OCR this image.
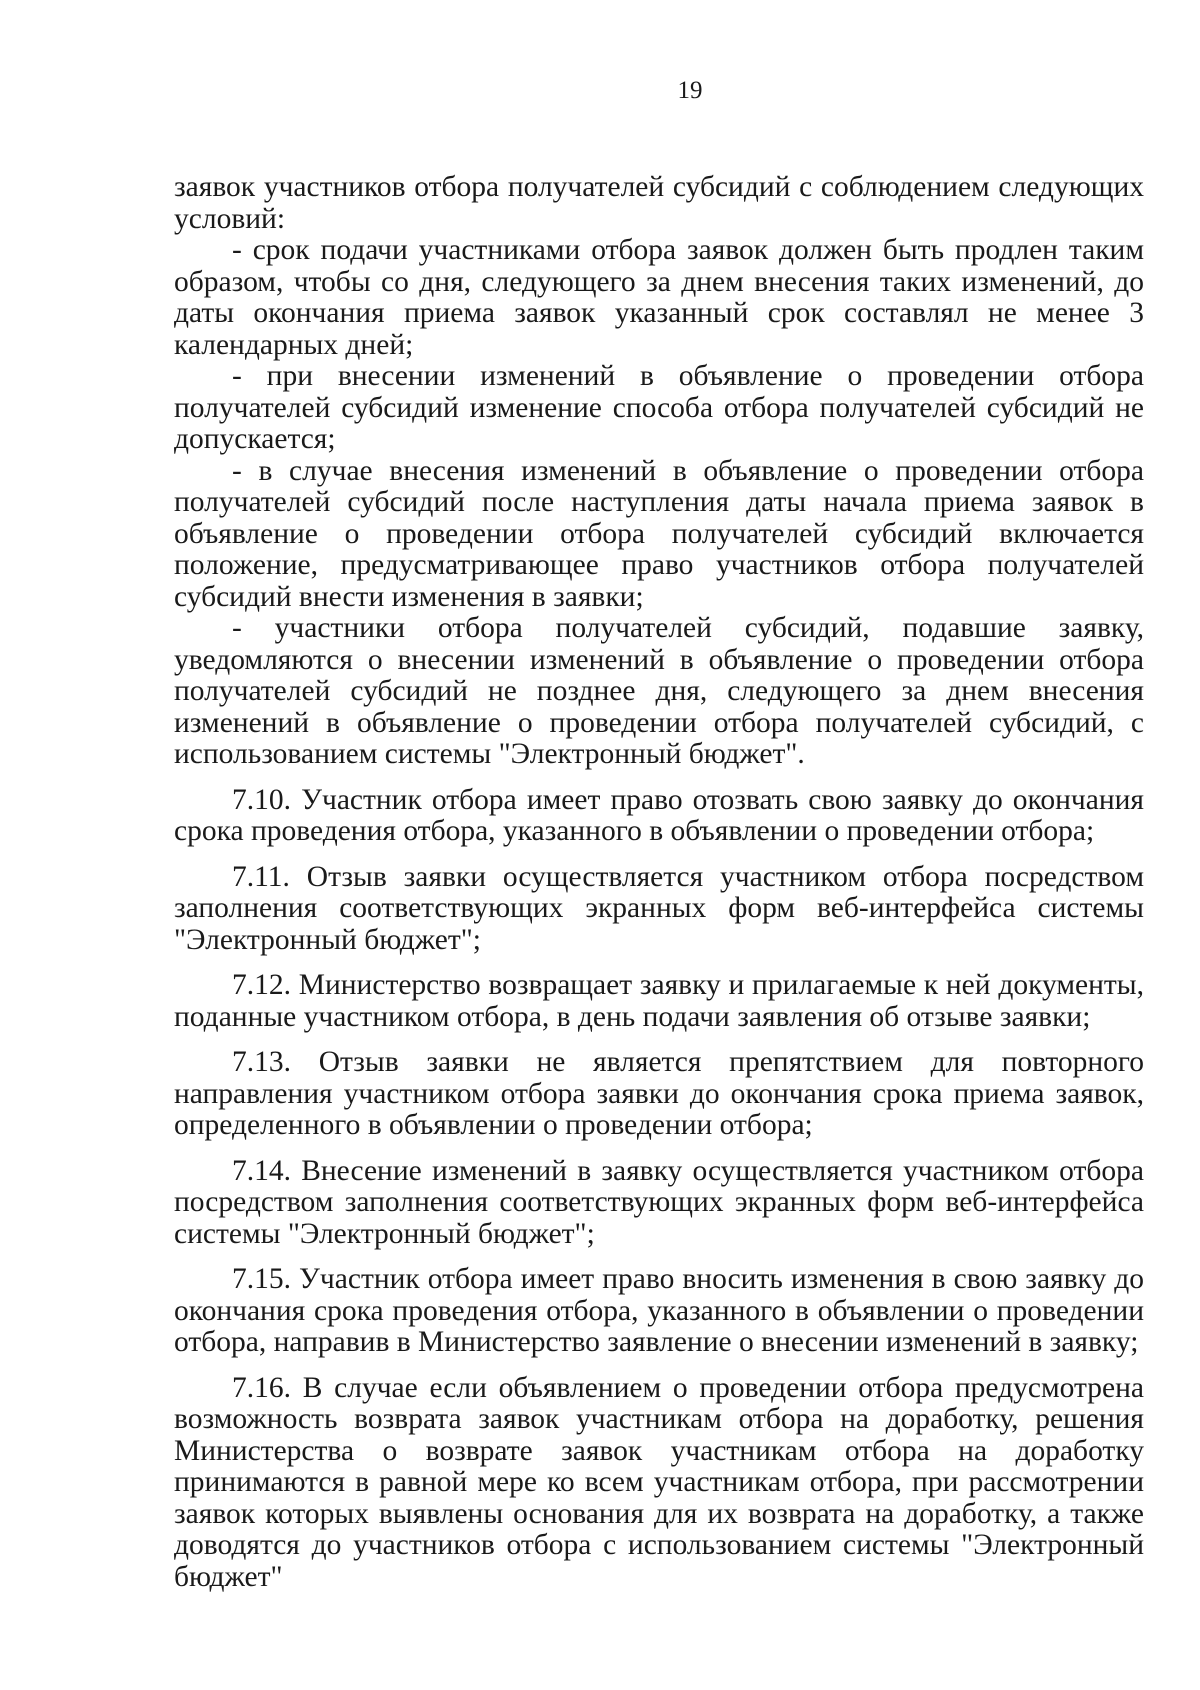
19

заявок участников отбора получателей субсидий с соблюдением следующих условий:

- срок подачи участниками отбора заявок должен быть продлен таким образом, чтобы со дня, следующего за днем внесения таких изменений, до даты окончания приема заявок указанный срок составлял не менее 3 календарных дней;

- при внесении изменений в объявление о проведении отбора получателей субсидий изменение способа отбора получателей субсидий не допускается;

- в случае внесения изменений в объявление о проведении отбора получателей субсидий после наступления даты начала приема заявок в объявление о проведении отбора получателей субсидий включается положение, предусматривающее право участников отбора получателей субсидий внести изменения в заявки;

- участники отбора получателей субсидий, подавшие заявку, уведомляются о внесении изменений в объявление о проведении отбора получателей субсидий не позднее дня, следующего за днем внесения изменений в объявление о проведении отбора получателей субсидий, с использованием системы "Электронный бюджет".

7.10. Участник отбора имеет право отозвать свою заявку до окончания срока проведения отбора, указанного в объявлении о проведении отбора;

7.11. Отзыв заявки осуществляется участником отбора посредством заполнения соответствующих экранных форм веб-интерфейса системы "Электронный бюджет";

7.12. Министерство возвращает заявку и прилагаемые к ней документы, поданные участником отбора, в день подачи заявления об отзыве заявки;

7.13. Отзыв заявки не является препятствием для повторного направления участником отбора заявки до окончания срока приема заявок, определенного в объявлении о проведении отбора;

7.14. Внесение изменений в заявку осуществляется участником отбора посредством заполнения соответствующих экранных форм веб-интерфейса системы "Электронный бюджет";

7.15. Участник отбора имеет право вносить изменения в свою заявку до окончания срока проведения отбора, указанного в объявлении о проведении отбора, направив в Министерство заявление о внесении изменений в заявку;

7.16. В случае если объявлением о проведении отбора предусмотрена возможность возврата заявок участникам отбора на доработку, решения Министерства о возврате заявок участникам отбора на доработку принимаются в равной мере ко всем участникам отбора, при рассмотрении заявок которых выявлены основания для их возврата на доработку, а также доводятся до участников отбора с использованием системы "Электронный бюджет"
